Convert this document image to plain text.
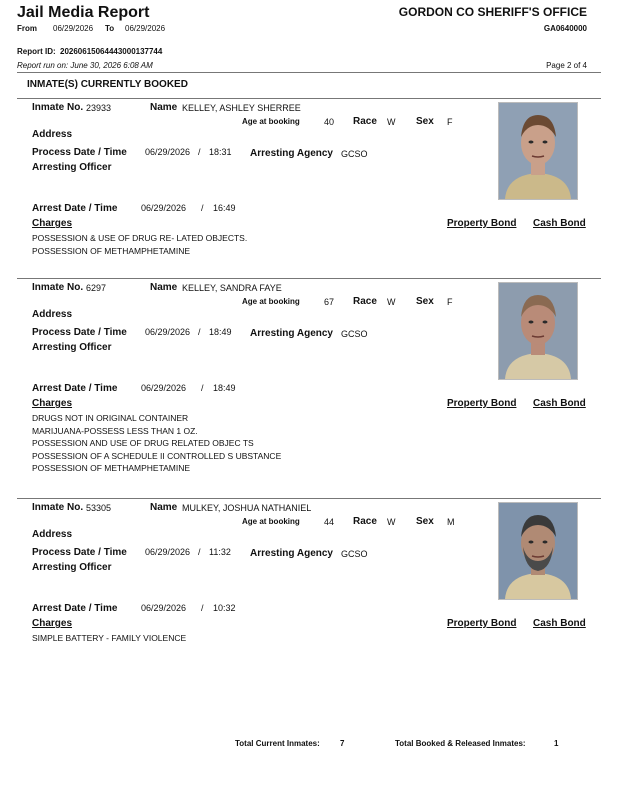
Jail Media Report
From 06/29/2026 To 06/29/2026
GORDON CO SHERIFF'S OFFICE
GA0640000
Report ID: 20260615064443000137744
Report run on: June 30, 2026 6:08 AM	Page 2 of 4
INMATE(S) CURRENTLY BOOKED
Inmate No. 23933	Name KELLEY, ASHLEY SHERREE
Age at booking	40 Race W Sex F
Address
Process Date / Time 06/29/2026 / 18:31 Arresting Agency GCSO
Arresting Officer
Arrest Date / Time	06/29/2026 / 16:49
Charges	Property Bond Cash Bond
POSSESSION & USE OF DRUG RE- LATED OBJECTS.
POSSESSION OF METHAMPHETAMINE
Inmate No. 6297	Name KELLEY, SANDRA FAYE
Age at booking	67 Race W Sex F
Address
Process Date / Time 06/29/2026 / 18:49 Arresting Agency GCSO
Arresting Officer
Arrest Date / Time	06/29/2026 / 18:49
Charges	Property Bond Cash Bond
DRUGS NOT IN ORIGINAL CONTAINER
MARIJUANA-POSSESS LESS THAN 1 OZ.
POSSESSION AND USE OF DRUG RELATED OBJEC TS
POSSESSION OF A SCHEDULE II CONTROLLED S UBSTANCE
POSSESSION OF METHAMPHETAMINE
Inmate No. 53305	Name MULKEY, JOSHUA NATHANIEL
Age at booking	44 Race W Sex M
Address
Process Date / Time 06/29/2026 / 11:32 Arresting Agency GCSO
Arresting Officer
Arrest Date / Time	06/29/2026 / 10:32
Charges	Property Bond Cash Bond
SIMPLE BATTERY - FAMILY VIOLENCE
Total Current Inmates:	7	Total Booked & Released Inmates:	1
